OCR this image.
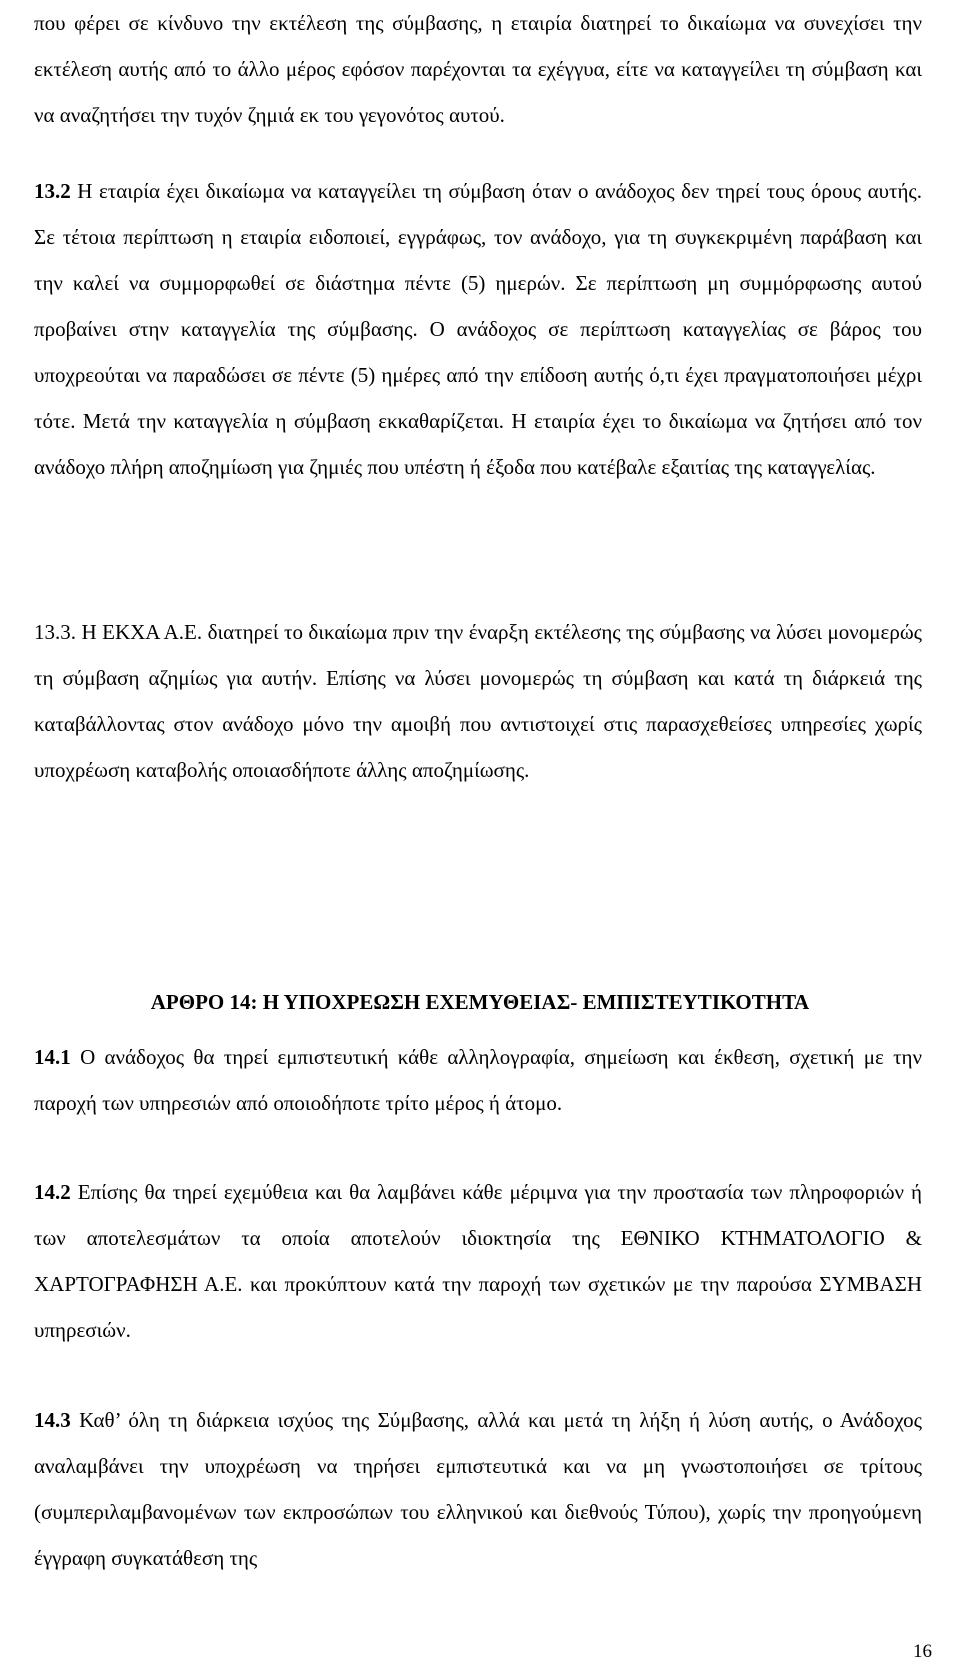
που φέρει σε κίνδυνο την εκτέλεση της σύμβασης, η εταιρία διατηρεί το δικαίωμα να συνεχίσει την εκτέλεση αυτής από το άλλο μέρος εφόσον παρέχονται τα εχέγγυα, είτε να καταγγείλει τη σύμβαση και να αναζητήσει την τυχόν ζημιά εκ του γεγονότος αυτού.

13.2 Η εταιρία έχει δικαίωμα να καταγγείλει τη σύμβαση όταν ο ανάδοχος δεν τηρεί τους όρους αυτής. Σε τέτοια περίπτωση η εταιρία ειδοποιεί, εγγράφως, τον ανάδοχο, για τη συγκεκριμένη παράβαση και την καλεί να συμμορφωθεί σε διάστημα πέντε (5) ημερών. Σε περίπτωση μη συμμόρφωσης αυτού προβαίνει στην καταγγελία της σύμβασης. Ο ανάδοχος σε περίπτωση καταγγελίας σε βάρος του υποχρεούται να παραδώσει σε πέντε (5) ημέρες από την επίδοση αυτής ό,τι έχει πραγματοποιήσει μέχρι τότε. Μετά την καταγγελία η σύμβαση εκκαθαρίζεται. Η εταιρία έχει το δικαίωμα να ζητήσει από τον ανάδοχο πλήρη αποζημίωση για ζημιές που υπέστη ή έξοδα που κατέβαλε εξαιτίας της καταγγελίας.

13.3. Η ΕΚΧΑ Α.Ε. διατηρεί το δικαίωμα πριν την έναρξη εκτέλεσης της σύμβασης να λύσει μονομερώς τη σύμβαση αζημίως για αυτήν. Επίσης να λύσει μονομερώς τη σύμβαση και κατά τη διάρκειά της καταβάλλοντας στον ανάδοχο μόνο την αμοιβή που αντιστοιχεί στις παρασχεθείσες υπηρεσίες χωρίς υποχρέωση καταβολής οποιασδήποτε άλλης αποζημίωσης.

ΑΡΘΡΟ 14: Η ΥΠΟΧΡΕΩΣΗ ΕΧΕΜΥΘΕΙΑΣ- ΕΜΠΙΣΤΕΥΤΙΚΟΤΗΤΑ

14.1 Ο ανάδοχος θα τηρεί εμπιστευτική κάθε αλληλογραφία, σημείωση και έκθεση, σχετική με την παροχή των υπηρεσιών από οποιοδήποτε τρίτο μέρος ή άτομο.

14.2 Επίσης θα τηρεί εχεμύθεια και θα λαμβάνει κάθε μέριμνα για την προστασία των πληροφοριών ή των αποτελεσμάτων τα οποία αποτελούν ιδιοκτησία της ΕΘΝΙΚΟ ΚΤΗΜΑΤΟΛΟΓΙΟ & ΧΑΡΤΟΓΡΑΦΗΣΗ Α.Ε. και προκύπτουν κατά την παροχή των σχετικών με την παρούσα ΣΥΜΒΑΣΗ υπηρεσιών.

14.3 Καθ’ όλη τη διάρκεια ισχύος της Σύμβασης, αλλά και μετά τη λήξη ή λύση αυτής, ο Ανάδοχος αναλαμβάνει την υποχρέωση να τηρήσει εμπιστευτικά και να μη γνωστοποιήσει σε τρίτους (συμπεριλαμβανομένων των εκπροσώπων του ελληνικού και διεθνούς Τύπου), χωρίς την προηγούμενη έγγραφη συγκατάθεση της

16
